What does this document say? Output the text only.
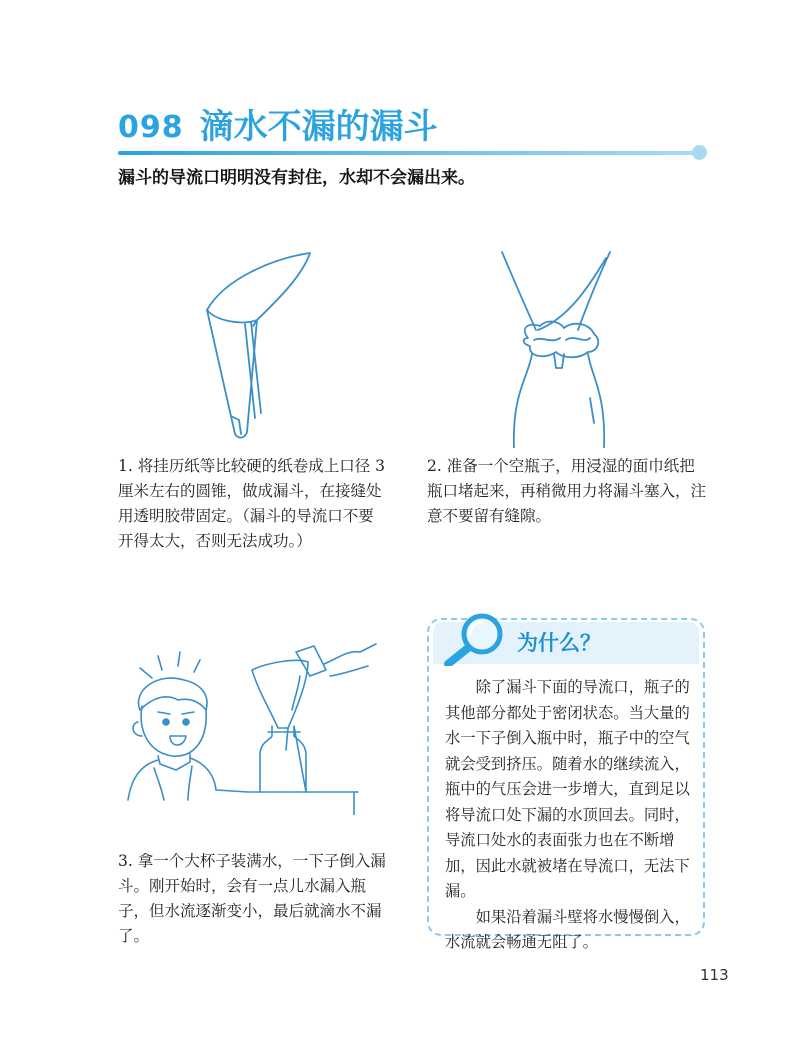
098 滴水不漏的漏斗
漏斗的导流口明明没有封住，水却不会漏出来。
1. 将挂历纸等比较硬的纸卷成上口径 3 厘米左右的圆锥，做成漏斗，在接缝处用透明胶带固定。（漏斗的导流口不要开得太大，否则无法成功。）
2. 准备一个空瓶子，用浸湿的面巾纸把瓶口堵起来，再稍微用力将漏斗塞入，注意不要留有缝隙。
3. 拿一个大杯子装满水，一下子倒入漏斗。刚开始时，会有一点儿水漏入瓶子，但水流逐渐变小，最后就滴水不漏了。
为什么？

除了漏斗下面的导流口，瓶子的其他部分都处于密闭状态。当大量的水一下子倒入瓶中时，瓶子中的空气就会受到挤压。随着水的继续流入，瓶中的气压会进一步增大，直到足以将导流口处下漏的水顶回去。同时，导流口处水的表面张力也在不断增加，因此水就被堵在导流口，无法下漏。

如果沿着漏斗壁将水慢慢倒入，水流就会畅通无阻了。

113
